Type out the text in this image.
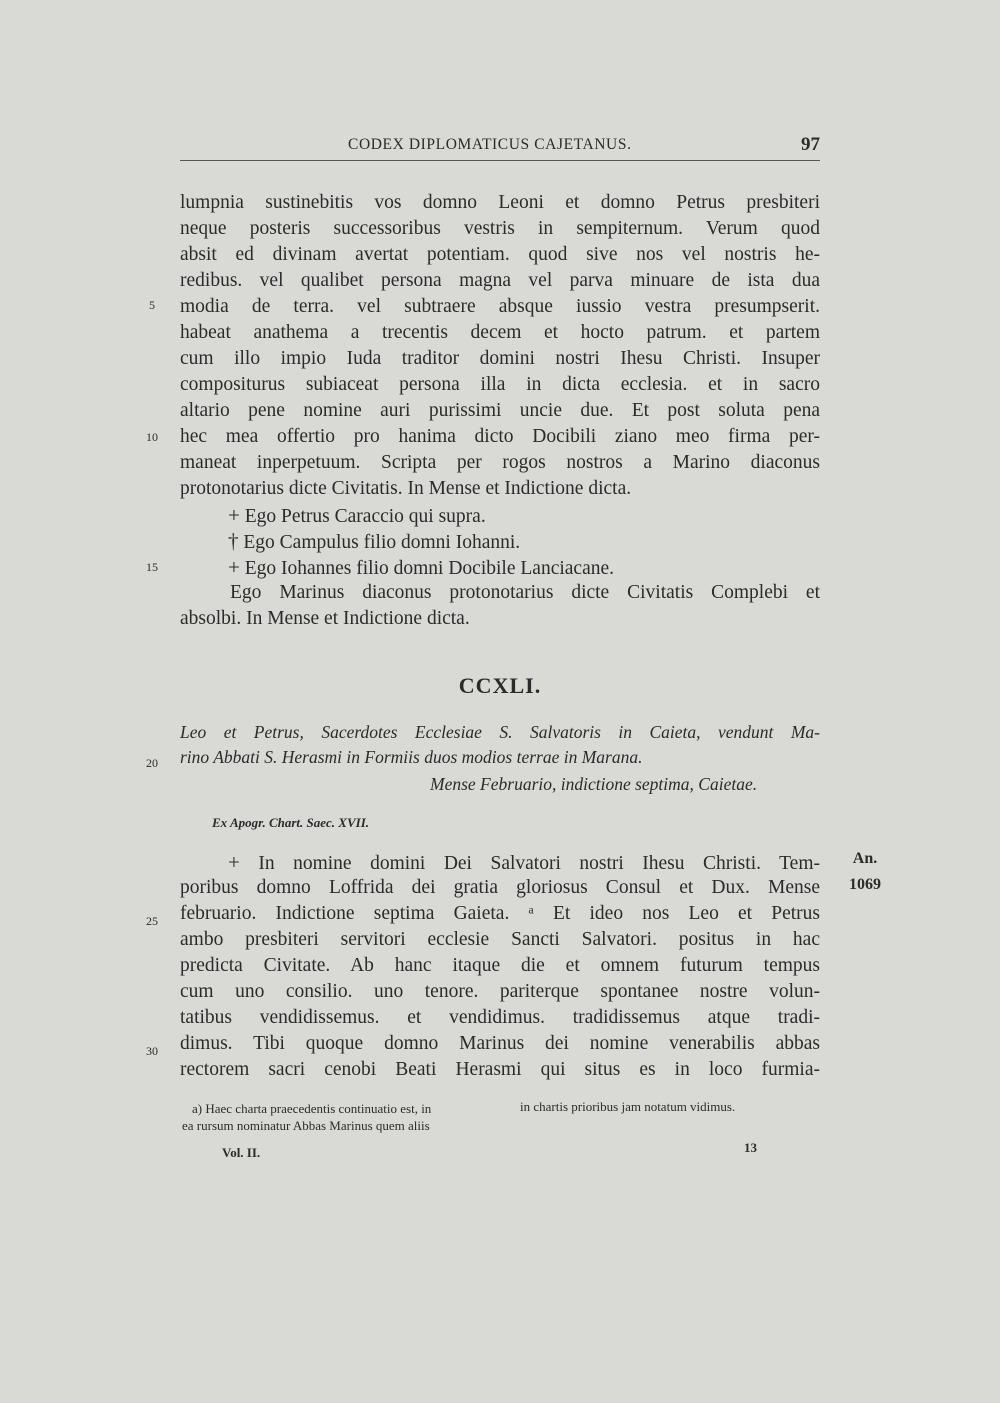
CODEX DIPLOMATICUS CAJETANUS.	97
5
10
15
20
25
30
lumpnia sustinebitis vos domno Leoni et domno Petrus presbiteri
neque posteris successoribus vestris in sempiternum. Verum quod
absit ed divinam avertat potentiam. quod sive nos vel nostris he-
redibus. vel qualibet persona magna vel parva minuare de ista dua
modia de terra. vel subtraere absque iussio vestra presumpserit.
habeat anathema a trecentis decem et hocto patrum. et partem
cum illo impio Iuda traditor domini nostri Ihesu Christi. Insuper
compositurus subiaceat persona illa in dicta ecclesia. et in sacro
altario pene nomine auri purissimi uncie due. Et post soluta pena
hec mea offertio pro hanima dicto Docibili ziano meo firma per-
maneat inperpetuum. Scripta per rogos nostros a Marino diaconus
protonotarius dicte Civitatis. In Mense et Indictione dicta.
+ Ego Petrus Caraccio qui supra.
† Ego Campulus filio domni Iohanni.
+ Ego Iohannes filio domni Docibile Lanciacane.
Ego Marinus diaconus protonotarius dicte Civitatis Complebi et
absolbi. In Mense et Indictione dicta.
CCXLI.
Leo et Petrus, Sacerdotes Ecclesiae S. Salvatoris in Caieta, vendunt Ma-
rino Abbati S. Herasmi in Formiis duos modios terrae in Marana.
Mense Februario, indictione septima, Caietae.
Ex Apogr. Chart. Saec. XVII.
An.
1069
+ In nomine domini Dei Salvatori nostri Ihesu Christi. Tem-
poribus domno Loffrida dei gratia gloriosus Consul et Dux. Mense
februario. Indictione septima Gaieta. ᵃ Et ideo nos Leo et Petrus
ambo presbiteri servitori ecclesie Sancti Salvatori. positus in hac
predicta Civitate. Ab hanc itaque die et omnem futurum tempus
cum uno consilio. uno tenore. pariterque spontanee nostre volun-
tatibus vendidissemus. et vendidimus. tradidissemus atque tradi-
dimus. Tibi quoque domno Marinus dei nomine venerabilis abbas
rectorem sacri cenobi Beati Herasmi qui situs es in loco furmia-
a) Haec charta praecedentis continuatio est, in
ea rursum nominatur Abbas Marinus quem aliis
in chartis prioribus jam notatum vidimus.
Vol. II.	13
